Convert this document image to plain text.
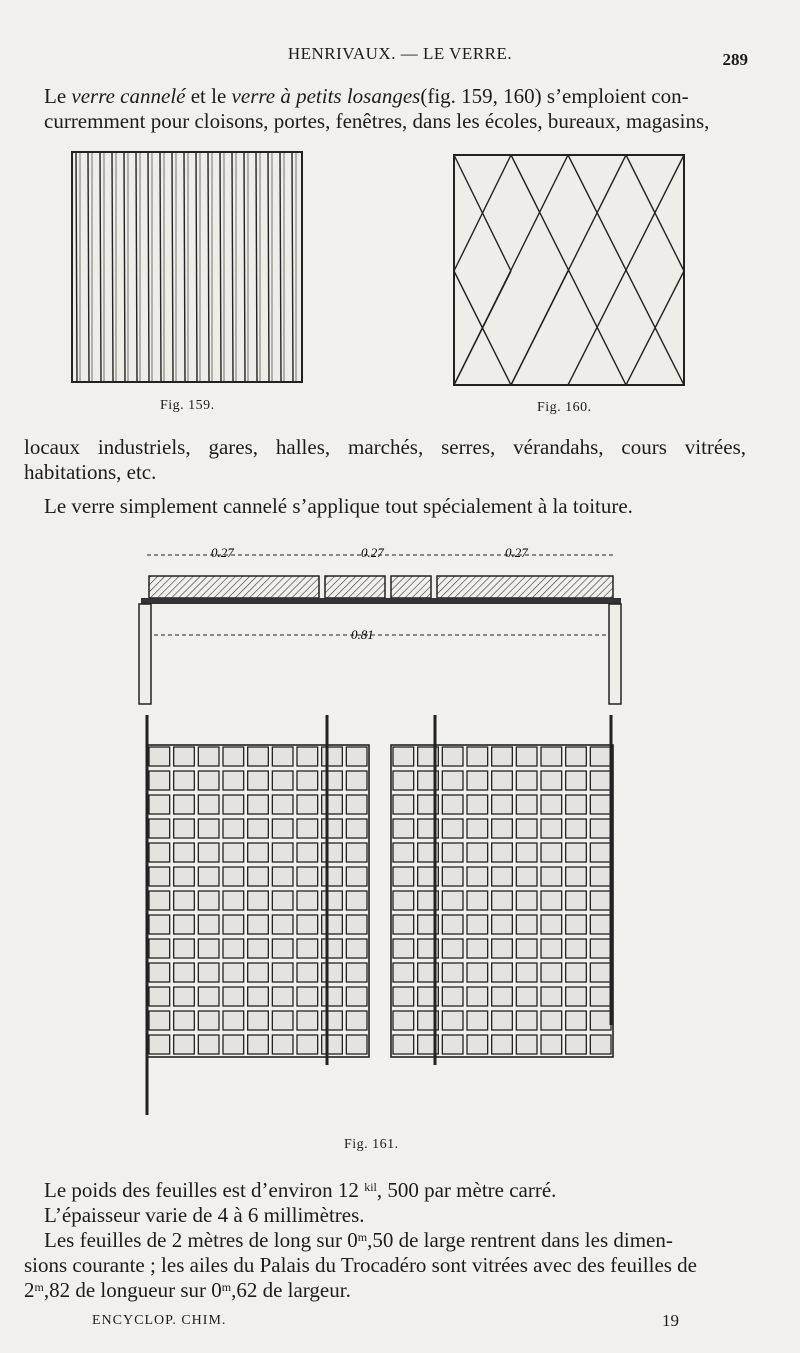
HENRIVAUX. — LE VERRE.	289
Le verre cannelé et le verre à petits losanges(fig. 159, 160) s’emploient con-
curremment pour cloisons, portes, fenêtres, dans les écoles, bureaux, magasins,
Fig. 159.	Fig. 160.
locaux industriels, gares, halles, marchés, serres, vérandahs, cours vitrées, habitations, etc.
Le verre simplement cannelé s’applique tout spécialement à la toiture.
0.27	0.27	0.27
0.81
Fig. 161.
Le poids des feuilles est d’environ 12 $^{kil}$, 500 par mètre carré.
L’épaisseur varie de 4 à 6 millimètres.
Les feuilles de 2 mètres de long sur 0$^m$,50 de large rentrent dans les dimen-
sions courante ; les ailes du Palais du Trocadéro sont vitrées avec des feuilles de
2$^m$,82 de longueur sur 0$^m$,62 de largeur.
ENCYCLOP. CHIM.	19
